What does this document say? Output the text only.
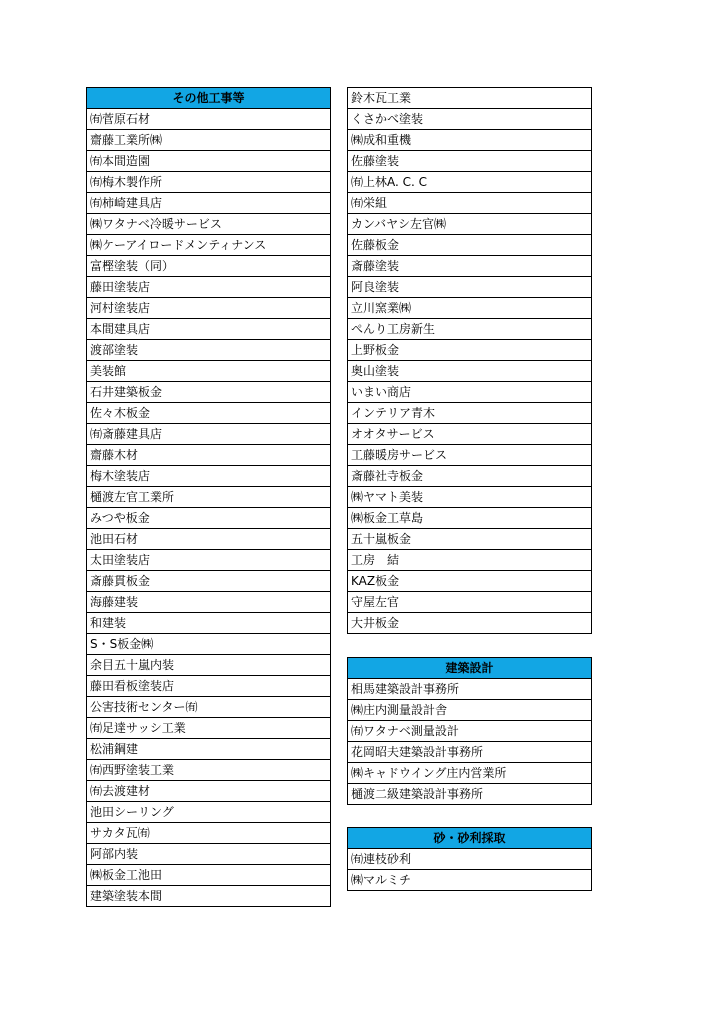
その他工事等
㈲菅原石材
齋藤工業所㈱
㈲本間造園
㈲梅木製作所
㈲柿崎建具店
㈱ワタナベ冷暖サービス
㈱ケーアイロードメンティナンス
富樫塗装（同）
藤田塗装店
河村塗装店
本間建具店
渡部塗装
美装館
石井建築板金
佐々木板金
㈲斎藤建具店
齋藤木材
梅木塗装店
樋渡左官工業所
みつや板金
池田石材
太田塗装店
斎藤貫板金
海藤建装
和建装
S・S板金㈱
余目五十嵐内装
藤田看板塗装店
公害技術センター㈲
㈲足達サッシ工業
松浦鋼建
㈲西野塗装工業
㈲去渡建材
池田シーリング
サカタ瓦㈲
阿部内装
㈱板金工池田
建築塗装本間
鈴木瓦工業
くさかべ塗装
㈱成和重機
佐藤塗装
㈲上林A. C. C
㈲栄組
カンバヤシ左官㈱
佐藤板金
斎藤塗装
阿良塗装
立川窯業㈱
ぺんり工房新生
上野板金
奥山塗装
いまい商店
インテリア青木
オオタサービス
工藤暖房サービス
斎藤社寺板金
㈱ヤマト美装
㈱板金工草島
五十嵐板金
工房　結
KAZ板金
守屋左官
大井板金
建築設計
相馬建築設計事務所
㈱庄内測量設計舎
㈲ワタナベ測量設計
花岡昭夫建築設計事務所
㈱キャドウイング庄内営業所
樋渡二級建築設計事務所
砂・砂利採取
㈲連枝砂利
㈱マルミチ
